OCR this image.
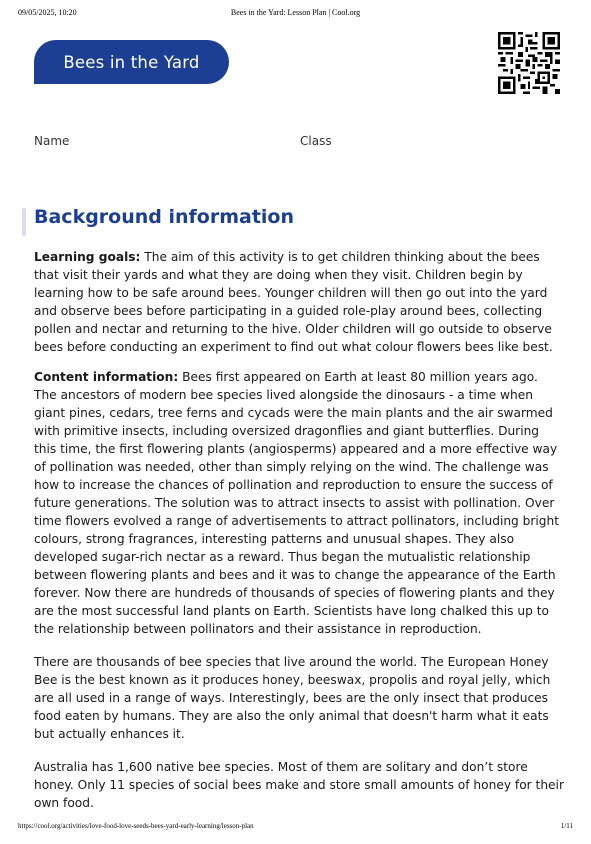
09/05/2025, 10:20	Bees in the Yard: Lesson Plan | Cool.org
Bees in the Yard
Name	Class
Background information

Learning goals: The aim of this activity is to get children thinking about the bees that visit their yards and what they are doing when they visit. Children begin by learning how to be safe around bees. Younger children will then go out into the yard and observe bees before participating in a guided role-play around bees, collecting pollen and nectar and returning to the hive. Older children will go outside to observe bees before conducting an experiment to find out what colour flowers bees like best.

Content information: Bees first appeared on Earth at least 80 million years ago. The ancestors of modern bee species lived alongside the dinosaurs - a time when giant pines, cedars, tree ferns and cycads were the main plants and the air swarmed with primitive insects, including oversized dragonflies and giant butterflies. During this time, the first flowering plants (angiosperms) appeared and a more effective way of pollination was needed, other than simply relying on the wind. The challenge was how to increase the chances of pollination and reproduction to ensure the success of future generations. The solution was to attract insects to assist with pollination. Over time flowers evolved a range of advertisements to attract pollinators, including bright colours, strong fragrances, interesting patterns and unusual shapes. They also developed sugar-rich nectar as a reward. Thus began the mutualistic relationship between flowering plants and bees and it was to change the appearance of the Earth forever. Now there are hundreds of thousands of species of flowering plants and they are the most successful land plants on Earth. Scientists have long chalked this up to the relationship between pollinators and their assistance in reproduction.

There are thousands of bee species that live around the world. The European Honey Bee is the best known as it produces honey, beeswax, propolis and royal jelly, which are all used in a range of ways. Interestingly, bees are the only insect that produces food eaten by humans. They are also the only animal that doesn't harm what it eats but actually enhances it.

Australia has 1,600 native bee species. Most of them are solitary and don’t store honey. Only 11 species of social bees make and store small amounts of honey for their own food.

https://cool.org/activities/love-food-love-seeds-bees-yard-early-learning/lesson-plan	1/11
